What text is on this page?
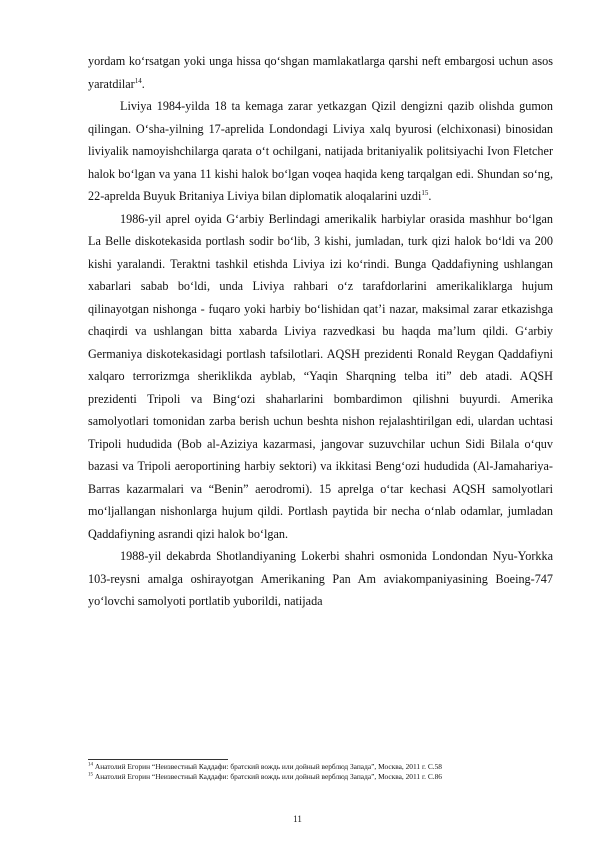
yordam ko‘rsatgan yoki unga hissa qo‘shgan mamlakatlarga qarshi neft embargosi uchun asos yaratdilar$^{14}$.

Liviya 1984-yilda 18 ta kemaga zarar yetkazgan Qizil dengizni qazib olishda gumon qilingan. O‘sha-yilning 17-aprelida Londondagi Liviya xalq byurosi (elchixonasi) binosidan liviyalik namoyishchilarga qarata o‘t ochilgani, natijada britaniyalik politsiyachi Ivon Fletcher halok bo‘lgan va yana 11 kishi halok bo‘lgan voqea haqida keng tarqalgan edi. Shundan so‘ng, 22-aprelda Buyuk Britaniya Liviya bilan diplomatik aloqalarini uzdi$^{15}$.

1986-yil aprel oyida G‘arbiy Berlindagi amerikalik harbiylar orasida mashhur bo‘lgan La Belle diskotekasida portlash sodir bo‘lib, 3 kishi, jumladan, turk qizi halok bo‘ldi va 200 kishi yaralandi. Teraktni tashkil etishda Liviya izi ko‘rindi. Bunga Qaddafiyning ushlangan xabarlari sabab bo‘ldi, unda Liviya rahbari o‘z tarafdorlarini amerikaliklarga hujum qilinayotgan nishonga - fuqaro yoki harbiy bo‘lishidan qat’i nazar, maksimal zarar etkazishga chaqirdi va ushlangan bitta xabarda Liviya razvedkasi bu haqda ma’lum qildi. G‘arbiy Germaniya diskotekasidagi portlash tafsilotlari. AQSH prezidenti Ronald Reygan Qaddafiyni xalqaro terrorizmga sheriklikda ayblab, “Yaqin Sharqning telba iti” deb atadi. AQSH prezidenti Tripoli va Bing‘ozi shaharlarini bombardimon qilishni buyurdi. Amerika samolyotlari tomonidan zarba berish uchun beshta nishon rejalashtirilgan edi, ulardan uchtasi Tripoli hududida (Bob al-Aziziya kazarmasi, jangovar suzuvchilar uchun Sidi Bilala o‘quv bazasi va Tripoli aeroportining harbiy sektori) va ikkitasi Beng‘ozi hududida (Al-Jamahariya-Barras kazarmalari va “Benin” aerodromi). 15 aprelga o‘tar kechasi AQSH samolyotlari mo‘ljallangan nishonlarga hujum qildi. Portlash paytida bir necha o‘nlab odamlar, jumladan Qaddafiyning asrandi qizi halok bo‘lgan.

1988-yil dekabrda Shotlandiyaning Lokerbi shahri osmonida Londondan Nyu-Yorkka 103-reysni amalga oshirayotgan Amerikaning Pan Am aviakompaniyasining Boeing-747 yo‘lovchi samolyoti portlatib yuborildi, natijada

$^{14}$ Анатолий Егорин “Неизвестный Каддафи: братский вождь или дойный верблюд Запада”, Москва, 2011 г. С.58

$^{15}$ Анатолий Егорин “Неизвестный Каддафи: братский вождь или дойный верблюд Запада”, Москва, 2011 г. С.86

11
